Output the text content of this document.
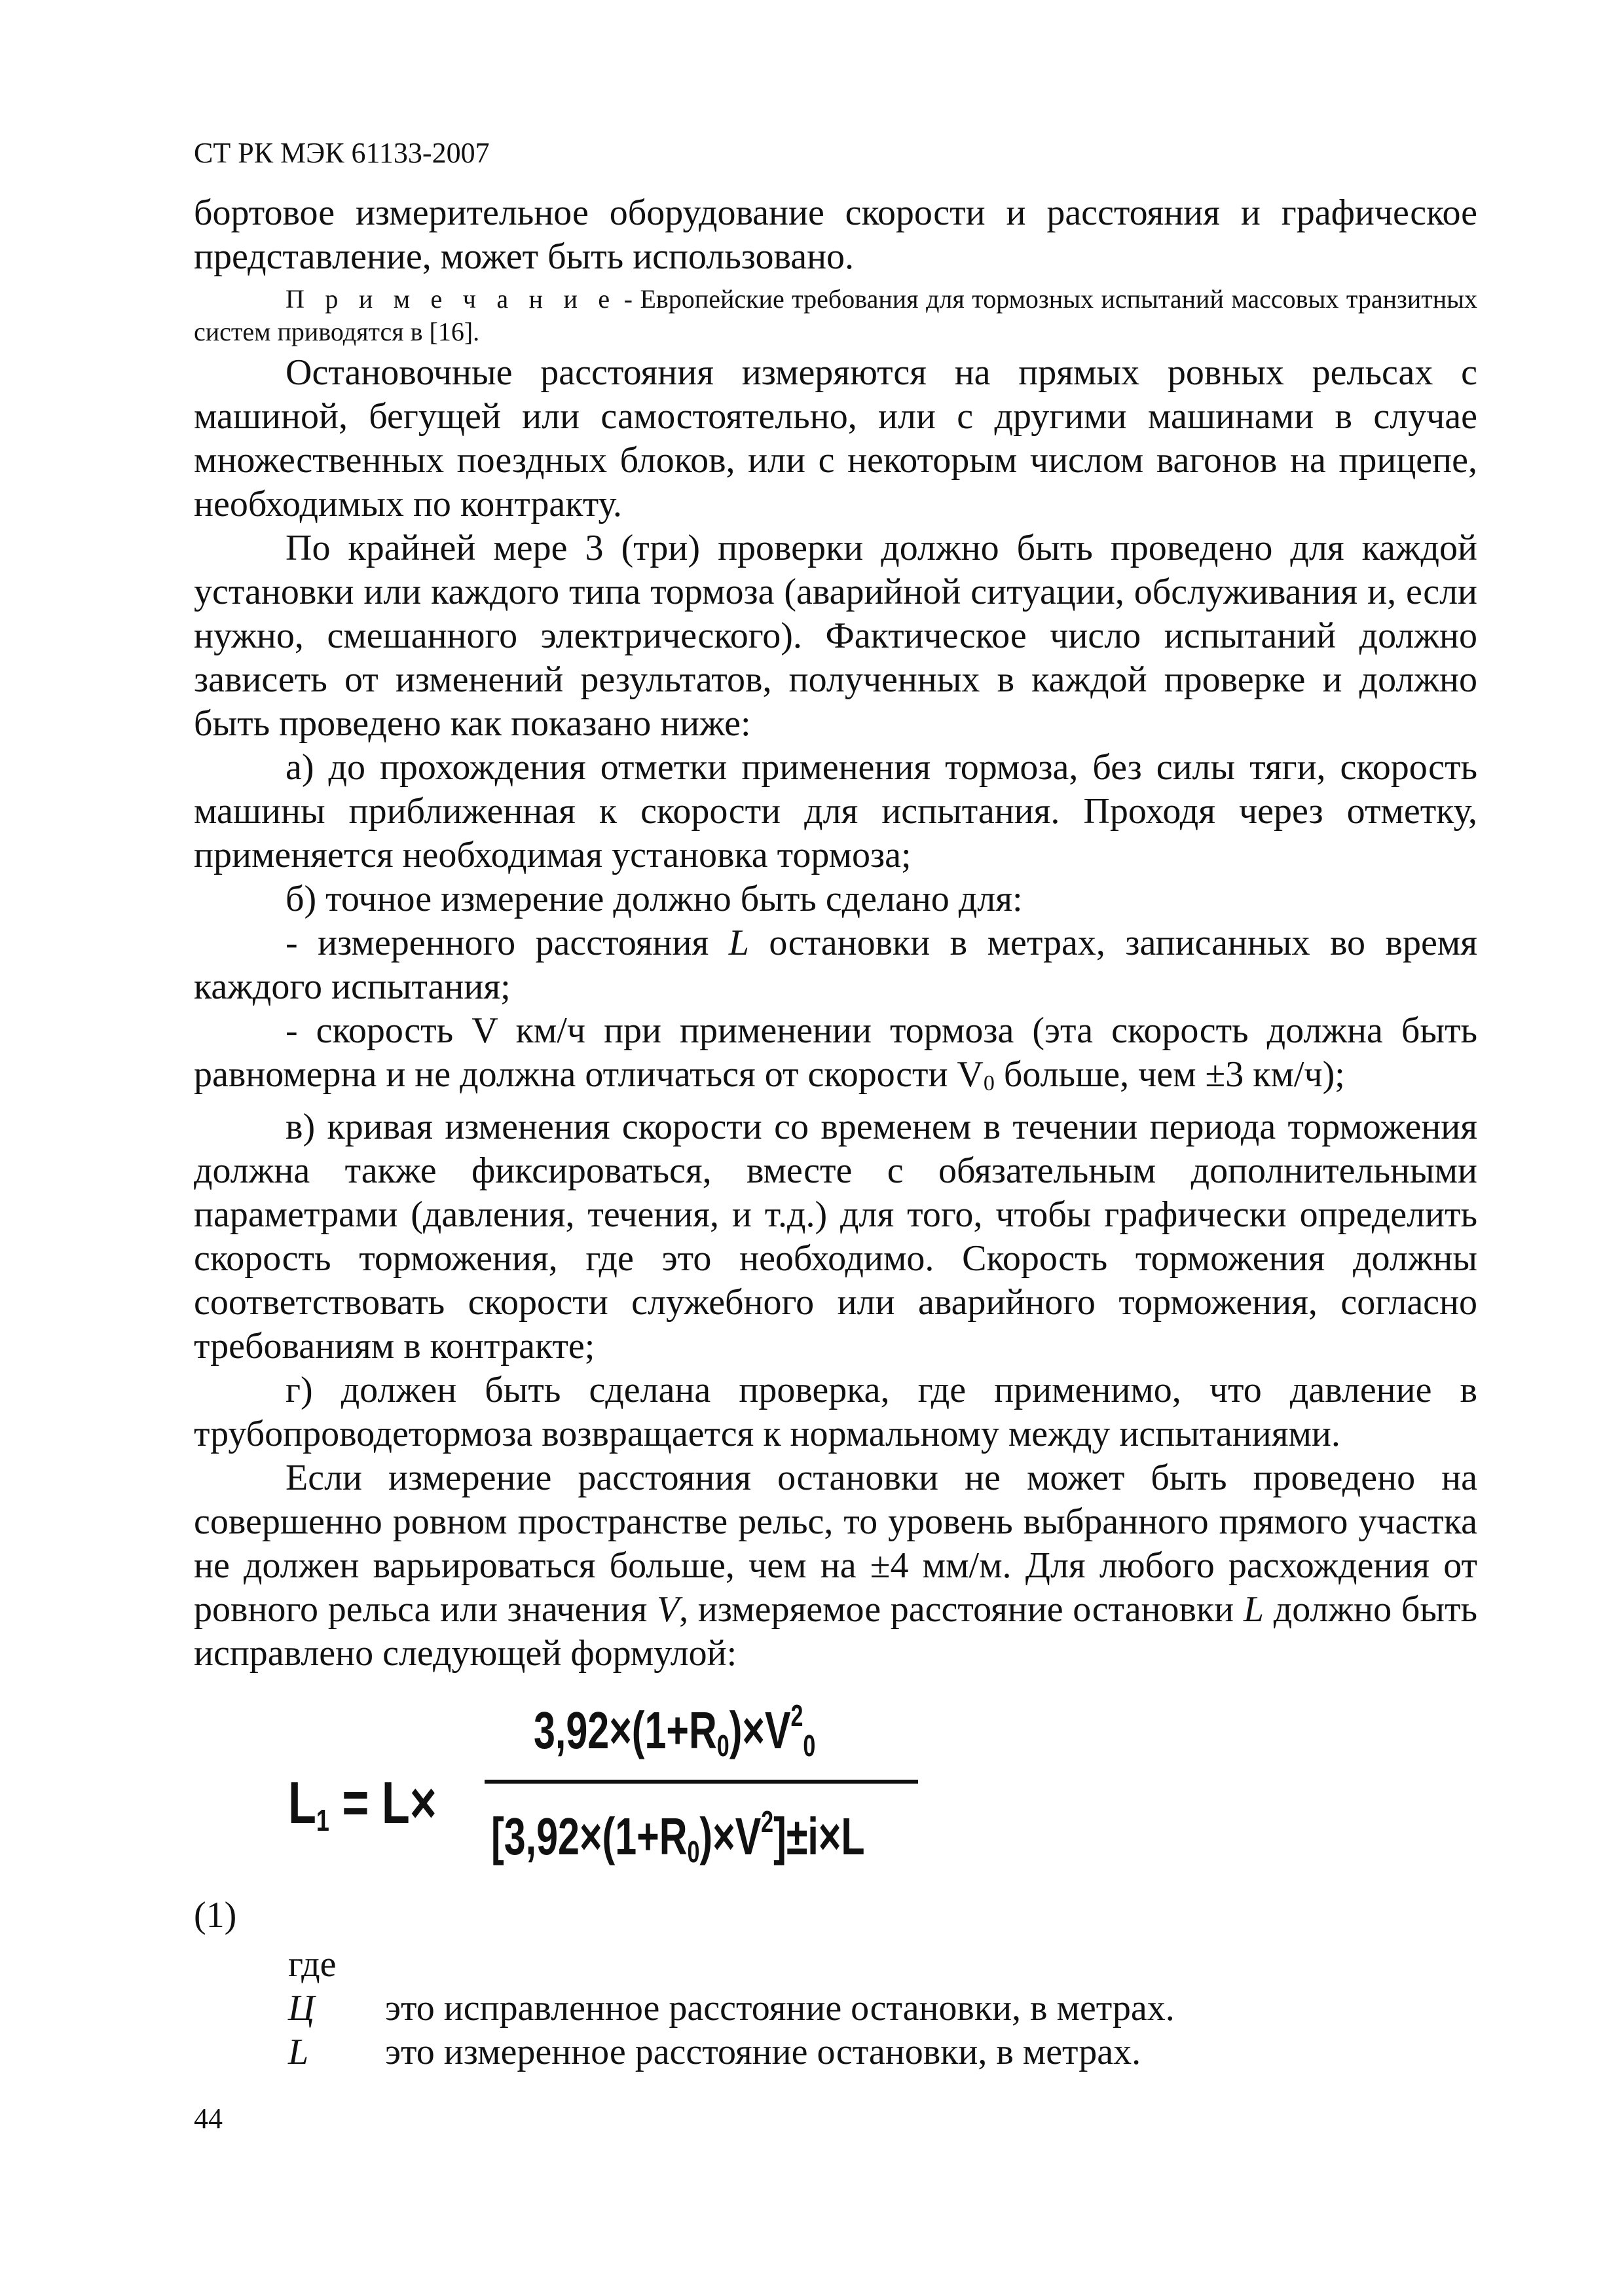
СТ РК МЭК 61133-2007

бортовое измерительное оборудование скорости и расстояния и графическое представление, может быть использовано.

П р и м е ч а н и е - Европейские требования для тормозных испытаний массовых транзитных систем приводятся в [16].

Остановочные расстояния измеряются на прямых ровных рельсах с машиной, бегущей или самостоятельно, или с другими машинами в случае множественных поездных блоков, или с некоторым числом вагонов на прицепе, необходимых по контракту.

По крайней мере 3 (три) проверки должно быть проведено для каждой установки или каждого типа тормоза (аварийной ситуации, обслуживания и, если нужно, смешанного электрического). Фактическое число испытаний должно зависеть от изменений результатов, полученных в каждой проверке и должно быть проведено как показано ниже:

а) до прохождения отметки применения тормоза, без силы тяги, скорость машины приближенная к скорости для испытания. Проходя через отметку, применяется необходимая установка тормоза;

б) точное измерение должно быть сделано для:

- измеренного расстояния L остановки в метрах, записанных во время каждого испытания;

- скорость V км/ч при применении тормоза (эта скорость должна быть равномерна и не должна отличаться от скорости V0 больше, чем ±3 км/ч);

в) кривая изменения скорости со временем в течении периода торможения должна также фиксироваться, вместе с обязательным дополнительными параметрами (давления, течения, и т.д.) для того, чтобы графически определить скорость торможения, где это необходимо. Скорость торможения должны соответствовать скорости служебного или аварийного торможения, согласно требованиям в контракте;

г) должен быть сделана проверка, где применимо, что давление в трубопроводетормоза возвращается к нормальному между испытаниями.

Если измерение расстояния остановки не может быть проведено на совершенно ровном пространстве рельс, то уровень выбранного прямого участка не должен варьироваться больше, чем на ±4 мм/м. Для любого расхождения от ровного рельса или значения V, измеряемое расстояние остановки L должно быть исправлено следующей формулой:

L1 = L×
$3,92\times(1+R0)\times V^20$
$[3,92\times(1+R0)\times V^2]\pm i\times L$
(1)
где
Ц	это исправленное расстояние остановки, в метрах.
L	это измеренное расстояние остановки, в метрах.
44
